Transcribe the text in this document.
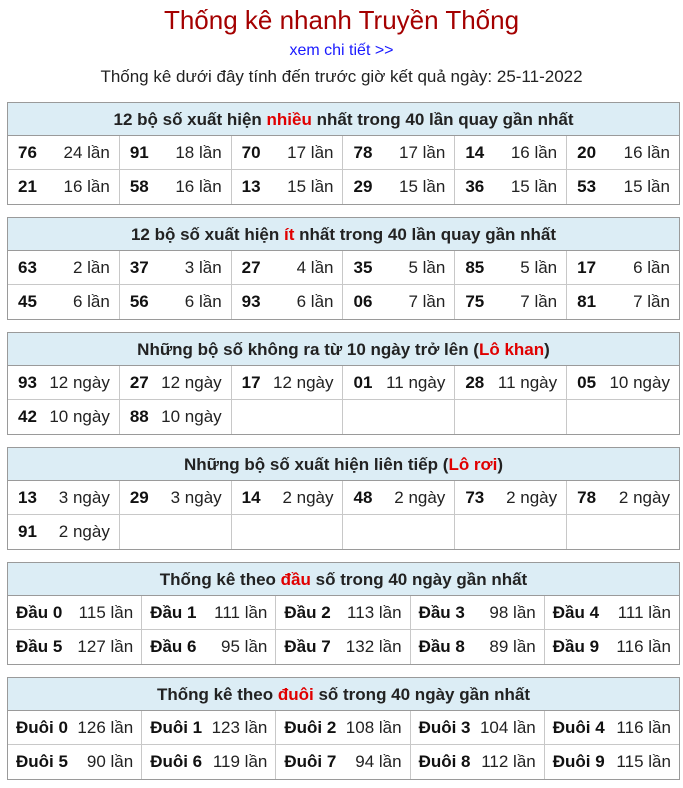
Thống kê nhanh Truyền Thống
xem chi tiết >>
Thống kê dưới đây tính đến trước giờ kết quả ngày: 25-11-2022
12 bộ số xuất hiện nhiều nhất trong 40 lần quay gần nhất
76 24 lần 91 18 lần 70 17 lần 78 17 lần 14 16 lần 20 16 lần
21 16 lần 58 16 lần 13 15 lần 29 15 lần 36 15 lần 53 15 lần
12 bộ số xuất hiện ít nhất trong 40 lần quay gần nhất
63 2 lần 37 3 lần 27 4 lần 35 5 lần 85 5 lần 17 6 lần
45 6 lần 56 6 lần 93 6 lần 06 7 lần 75 7 lần 81 7 lần
Những bộ số không ra từ 10 ngày trở lên (Lô khan)
93 12 ngày 27 12 ngày 17 12 ngày 01 11 ngày 28 11 ngày 05 10 ngày
42 10 ngày 88 10 ngày
Những bộ số xuất hiện liên tiếp (Lô rơi)
13 3 ngày 29 3 ngày 14 2 ngày 48 2 ngày 73 2 ngày 78 2 ngày
91 2 ngày
Thống kê theo đầu số trong 40 ngày gần nhất
Đầu 0 115 lần Đầu 1 111 lần Đầu 2 113 lần Đầu 3 98 lần Đầu 4 111 lần
Đầu 5 127 lần Đầu 6 95 lần Đầu 7 132 lần Đầu 8 89 lần Đầu 9 116 lần
Thống kê theo đuôi số trong 40 ngày gần nhất
Đuôi 0 126 lần Đuôi 1 123 lần Đuôi 2 108 lần Đuôi 3 104 lần Đuôi 4 116 lần
Đuôi 5 90 lần Đuôi 6 119 lần Đuôi 7 94 lần Đuôi 8 112 lần Đuôi 9 115 lần
